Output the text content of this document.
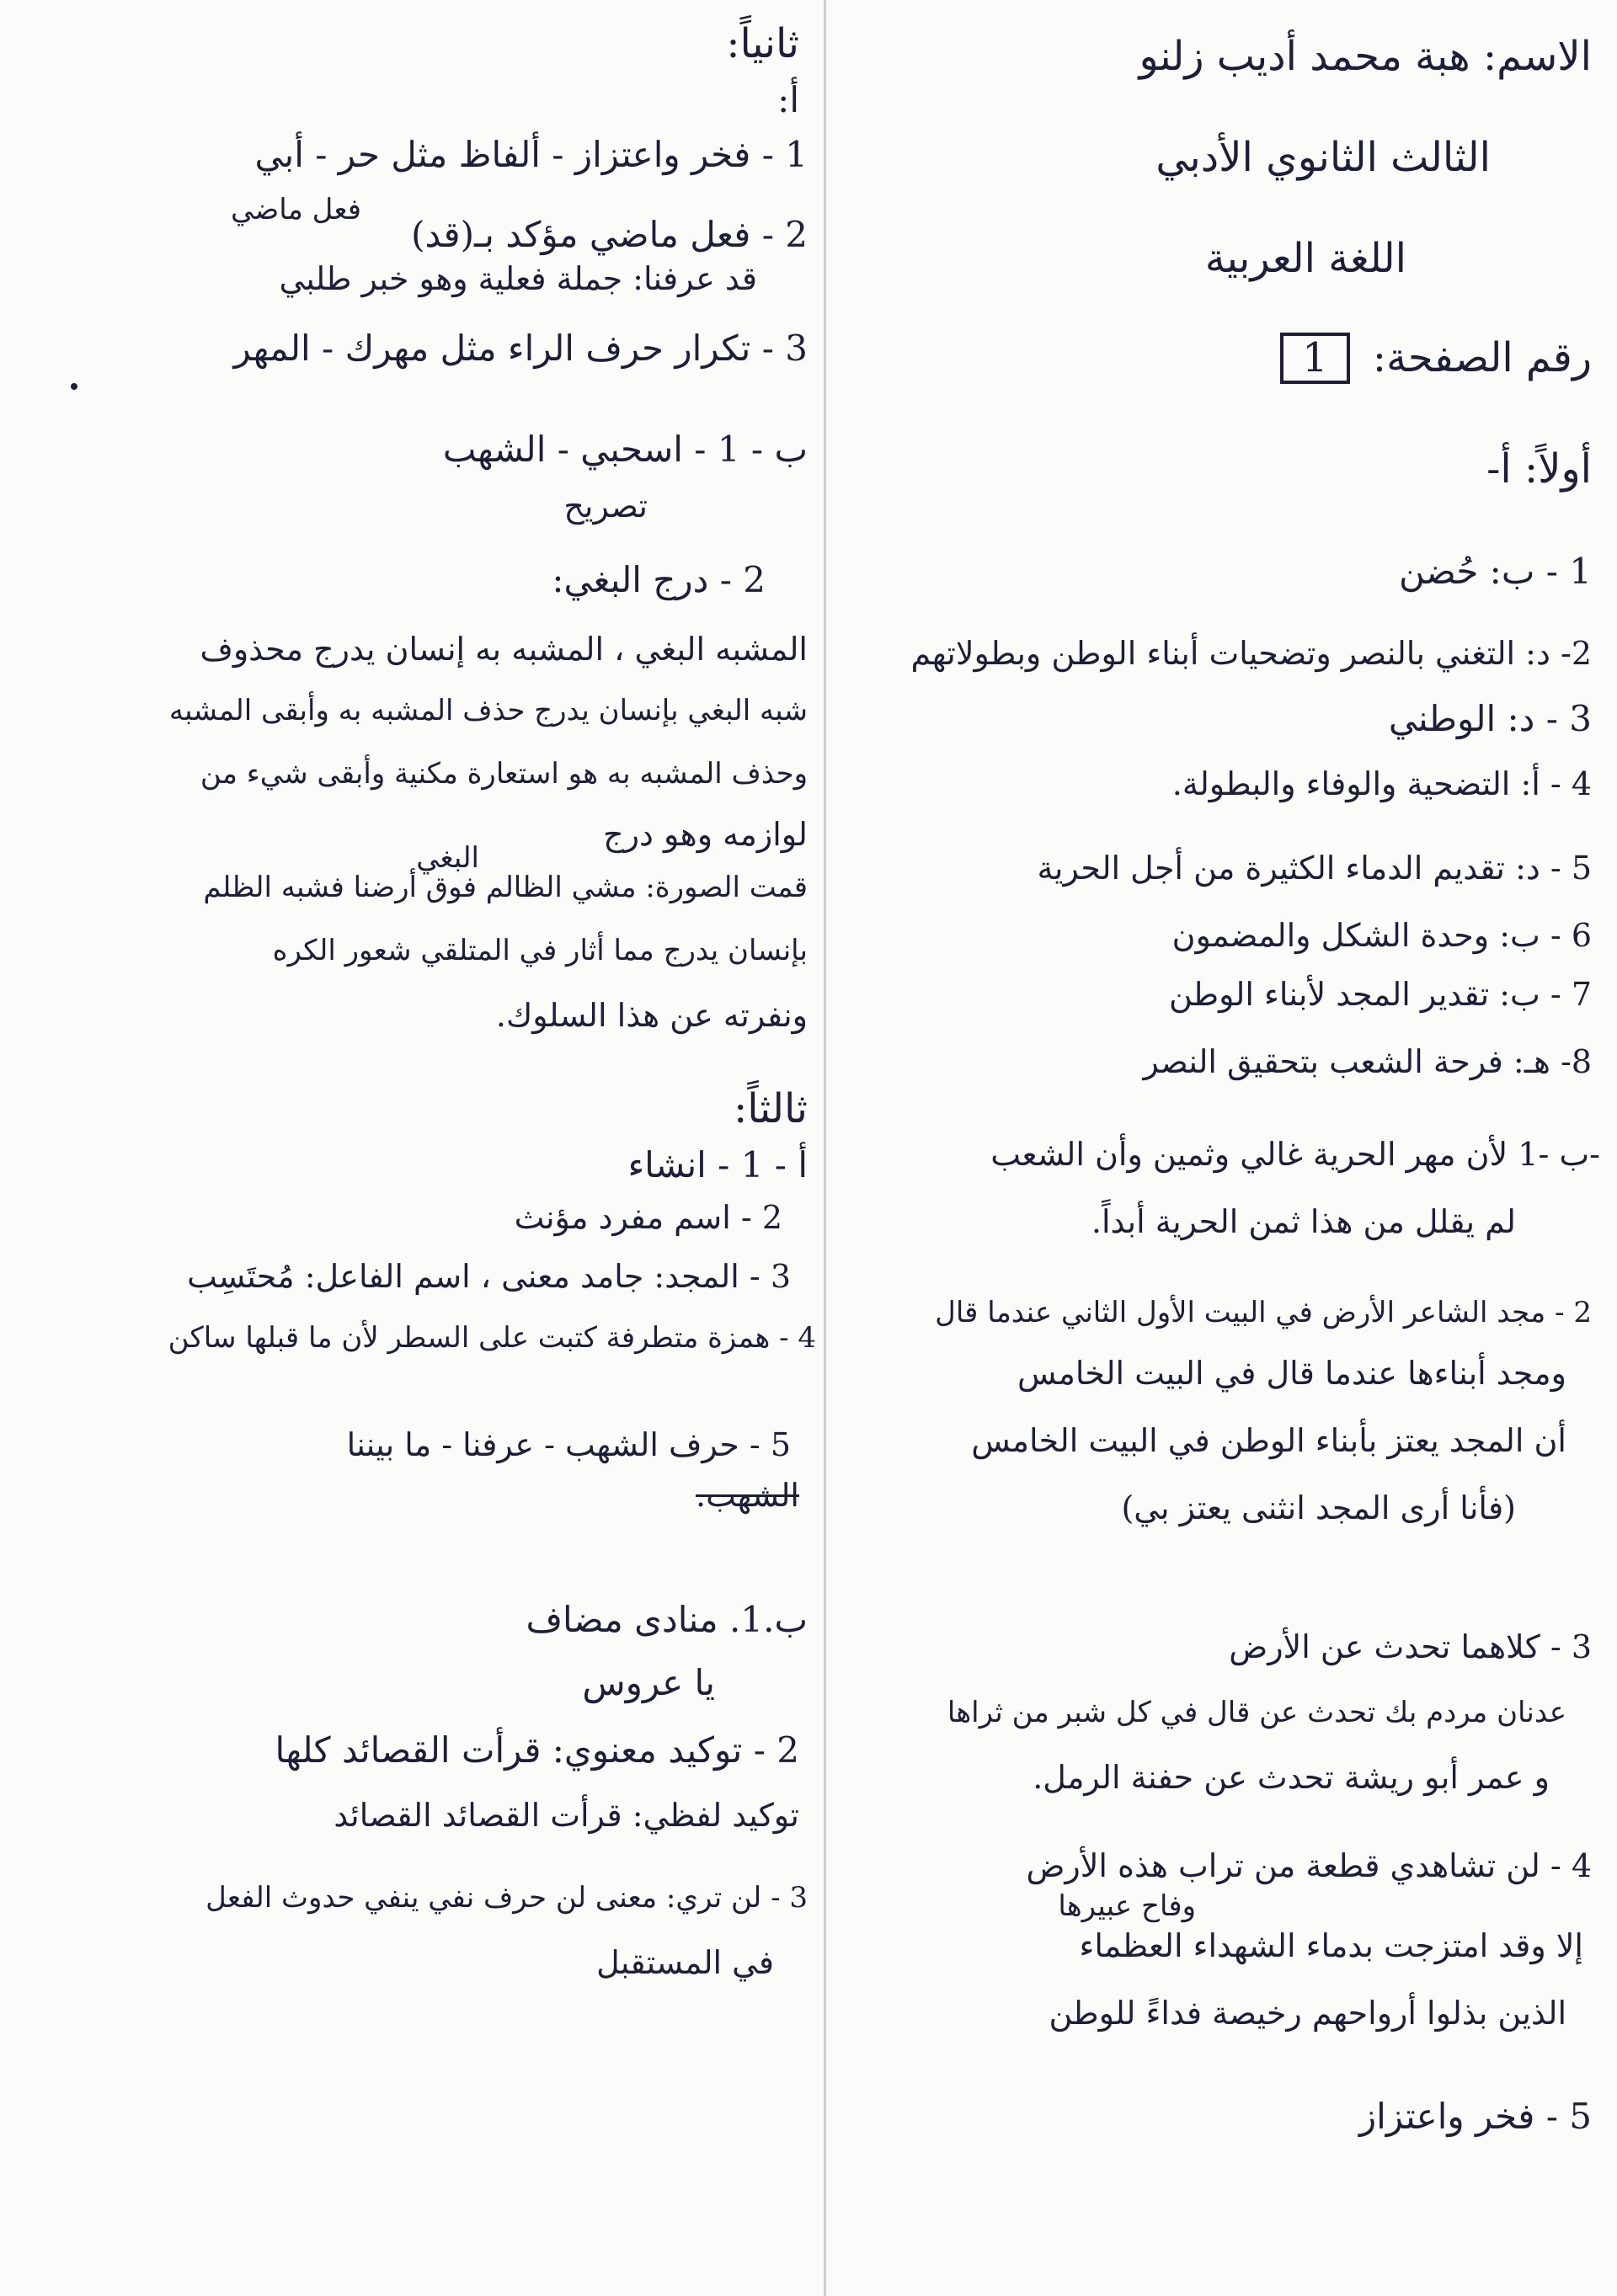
الاسم: هبة محمد أديب زلنو
الثالث الثانوي الأدبي
اللغة العربية
رقم الصفحة: 1
أولاً: أ-
1 - ب: حُضن
2- د: التغني بالنصر وتضحيات أبناء الوطن وبطولاتهم
3 - د: الوطني
4 - أ: التضحية والوفاء والبطولة.
5 - د: تقديم الدماء الكثيرة من أجل الحرية
6 - ب: وحدة الشكل والمضمون
7 - ب: تقدير المجد لأبناء الوطن
8- هـ: فرحة الشعب بتحقيق النصر
-ب -1 لأن مهر الحرية غالي وثمين وأن الشعب
لم يقلل من هذا ثمن الحرية أبداً.
2 - مجد الشاعر الأرض في البيت الأول الثاني عندما قال
ومجد أبناءها عندما قال في البيت الخامس
أن المجد يعتز بأبناء الوطن في البيت الخامس
(فأنا أرى المجد انثنى يعتز بي)
3 - كلاهما تحدث عن الأرض
عدنان مردم بك تحدث عن قال في كل شبر من ثراها
و عمر أبو ريشة تحدث عن حفنة الرمل.
4 - لن تشاهدي قطعة من تراب هذه الأرض
وفاح عبيرها
إلا وقد امتزجت بدماء الشهداء العظماء
الذين بذلوا أرواحهم رخيصة فداءً للوطن
5 - فخر واعتزاز
ثانياً:
أ:
1 - فخر واعتزاز - ألفاظ مثل حر - أبي
فعل ماضي
2 - فعل ماضي مؤكد بـ(قد)
قد عرفنا: جملة فعلية وهو خبر طلبي
3 - تكرار حرف الراء مثل مهرك - المهر
ب - 1 - اسحبي - الشهب
تصريح
2 - درج البغي:
المشبه البغي ، المشبه به إنسان يدرج محذوف
شبه البغي بإنسان يدرج حذف المشبه به وأبقى المشبه
وحذف المشبه به هو استعارة مكنية وأبقى شيء من
لوازمه وهو درج
البغي
قمت الصورة: مشي الظالم فوق أرضنا فشبه الظلم
بإنسان يدرج مما أثار في المتلقي شعور الكره
ونفرته عن هذا السلوك.
ثالثاً:
أ - 1 - انشاء
2 - اسم مفرد مؤنث
3 - المجد: جامد معنى ، اسم الفاعل: مُحتَسِب
4 - همزة متطرفة كتبت على السطر لأن ما قبلها ساكن
5 - حرف الشهب - عرفنا - ما بيننا
الشهب.
ب.1. منادى مضاف
يا عروس
2 - توكيد معنوي: قرأت القصائد كلها
توكيد لفظي: قرأت القصائد القصائد
3 - لن تري: معنى لن حرف نفي ينفي حدوث الفعل
في المستقبل
